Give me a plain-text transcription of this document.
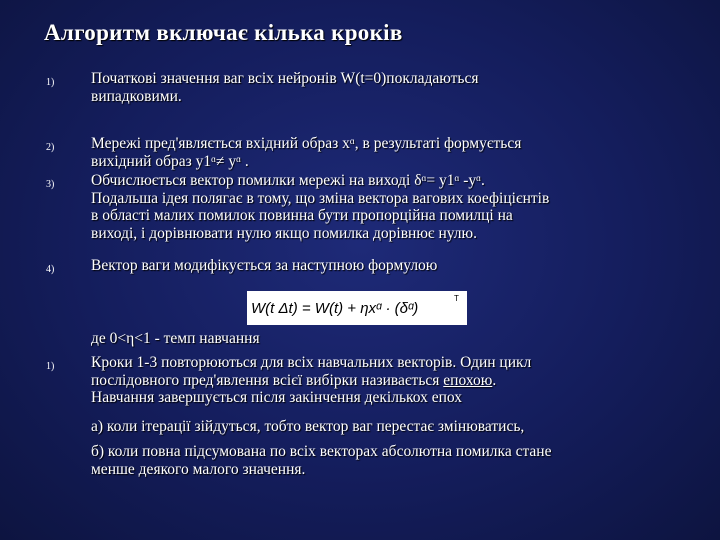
Алгоритм включає кілька кроків
1) Початкові значення ваг всіх нейронів W(t=0)покладаються
випадковими.
2) Мережі пред'являється вхідний образ xᵅ, в результаті формується
вихідний образ y1ᵅ≠ yᵅ .
3) Обчислюється вектор помилки мережі на виході δᵅ= y1ᵅ -yᵅ.
Подальша ідея полягає в тому, що зміна вектора вагових коефіцієнтів
в області малих помилок повинна бути пропорційна помилці на
виході, і дорівнювати нулю якщо помилка дорівнює нулю.
4) Вектор ваги модифікується за наступною формулою
W(t Δt) = W(t) + ηxᵅ · (δᵅ)
T
де 0<η<1 - темп навчання
1) Кроки 1-3 повторюються для всіх навчальних векторів. Один цикл
послідовного пред'явлення всієї вибірки називається епохою.
Навчання завершується після закінчення декількох епох
а) коли ітерації зійдуться, тобто вектор ваг перестає змінюватись,
б) коли повна підсумована по всіх векторах абсолютна помилка стане
менше деякого малого значення.
